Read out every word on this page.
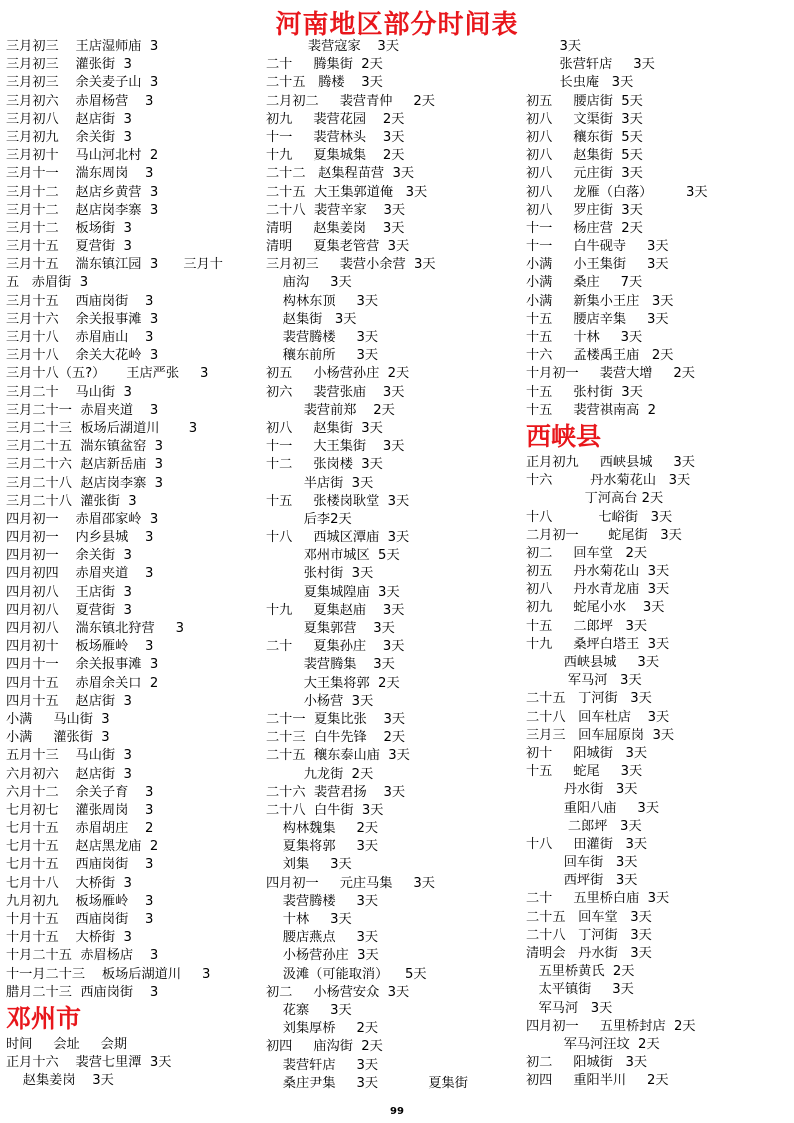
河南地区部分时间表
三月初三    王店湿师庙  3
三月初三    灌张街  3
三月初三    余关麦子山  3
三月初六    赤眉杨营    3
三月初八    赵店街  3
三月初九    余关街  3
三月初十    马山河北村  2
三月十一    湍东周岗    3
三月十二    赵店乡黄营  3
三月十二    赵店岗李寨  3
三月十二    板场街  3
三月十五    夏营街  3
三月十五    湍东镇江园  3      三月十
五   赤眉街  3
三月十五    西庙岗街    3
三月十六    余关报事滩  3
三月十八    赤眉庙山    3
三月十八    余关大花岭  3
三月十八（五?）     王店严张     3
三月二十    马山街  3
三月二十一  赤眉夹道    3
三月二十三  板场后湖道川       3
三月二十五  湍东镇盆窑  3
三月二十六  赵店新岳庙  3
三月二十八  赵店岗李寨  3
三月二十八  灌张街  3
四月初一    赤眉邵家岭  3
四月初一    内乡县城    3
四月初一    余关街  3
四月初四    赤眉夹道    3
四月初八    王店街  3
四月初八    夏营街  3
四月初八    湍东镇北狩营     3
四月初十    板场雁岭    3
四月十一    余关报事滩  3
四月十五    赤眉余关口  2
四月十五    赵店街  3
小满     马山街  3
小满     灌张街  3
五月十三    马山街  3
六月初六    赵店街  3
六月十二    余关子育    3
七月初七    灌张周岗    3
七月十五    赤眉胡庄    2
七月十五    赵店黑龙庙  2
七月十五    西庙岗街    3
七月十八    大桥街  3
九月初九    板场雁岭    3
十月十五    西庙岗街    3
十月十五    大桥街  3
十月二十五  赤眉杨店    3
十一月二十三    板场后湖道川     3
腊月二十三  西庙岗街    3
邓州市
时间     会址     会期
正月十六    裴营七里潭  3天
赵集姜岗    3天
裴营寇家    3天
二十     腾集街  2天
二十五   腾楼    3天
二月初二     裴营青仲     2天
初九     裴营花园    2天
十一     裴营林头    3天
十九     夏集城集    2天
二十二   赵集程苗营  3天
二十五  大王集郭道俺   3天
二十八  裴营辛家    3天
清明     赵集姜岗    3天
清明     夏集老管营  3天
三月初三     裴营小余营  3天
庙沟     3天
构林东顶     3天
赵集街   3天
裴营腾楼     3天
穰东前所     3天
初五     小杨营孙庄  2天
初六     裴营张庙    3天
裴营前郑    2天
初八     赵集街  3天
十一     大王集街    3天
十二     张岗楼  3天
半店街  3天
十五     张楼岗耿堂  3天
后李2天
十八     西城区潭庙  3天
邓州市城区  5天
张村街  3天
夏集城隍庙  3天
十九     夏集赵庙    3天
夏集郭营    3天
二十     夏集孙庄    3天
裴营腾集    3天
大王集将郭  2天
小杨营  3天
二十一  夏集比张    3天
二十三  白牛先锋    2天
二十五  穰东泰山庙  3天
九龙街  2天
二十六  裴营君扬    3天
二十八  白牛街  3天
构林魏集     2天
夏集将郭     3天
刘集     3天
四月初一     元庄马集     3天
裴营腾楼     3天
十林     3天
腰店燕点     3天
小杨营孙庄  3天
汲滩（可能取消）    5天
初二     小杨营安众  3天
花寨     3天
刘集厚桥     2天
初四     庙沟街  2天
裴营轩店     3天
桑庄尹集     3天            夏集街
3天
张营轩店     3天
长虫庵   3天
初五     腰店街  5天
初八     文渠街  3天
初八     穰东街  5天
初八     赵集街  5天
初八     元庄街  3天
初八     龙雁（白落）        3天
初八     罗庄街  3天
十一     杨庄营  2天
十一     白牛砚寺     3天
小满     小王集街     3天
小满     桑庄     7天
小满     新集小王庄   3天
十五     腰店辛集     3天
十五     十林     3天
十六     孟楼禹王庙   2天
十月初一     裴营大增     2天
十五     张村街  3天
十五     裴营祺南高  2
西峡县
正月初九     西峡县城     3天
十六         丹水菊花山   3天
丁河高台 2天
十八           七峪街   3天
二月初一       蛇尾街   3天
初二     回车堂   2天
初五     丹水菊花山  3天
初八     丹水青龙庙  3天
初九     蛇尾小水    3天
十五     二郎坪   3天
十九     桑坪白塔王  3天
西峡县城     3天
军马河   3天
二十五   丁河街   3天
二十八   回车杜店    3天
三月三   回车屈原岗  3天
初十     阳城街   3天
十五     蛇尾     3天
丹水街   3天
重阳八庙     3天
二郎坪   3天
十八     田灌街   3天
回车街   3天
西坪街   3天
二十     五里桥白庙  3天
二十五   回车堂   3天
二十八   丁河街   3天
清明会   丹水街   3天
五里桥黄氏  2天
太平镇街     3天
军马河   3天
四月初一     五里桥封店  2天
军马河汪坟  2天
初二     阳城街   3天
初四     重阳半川     2天
99
